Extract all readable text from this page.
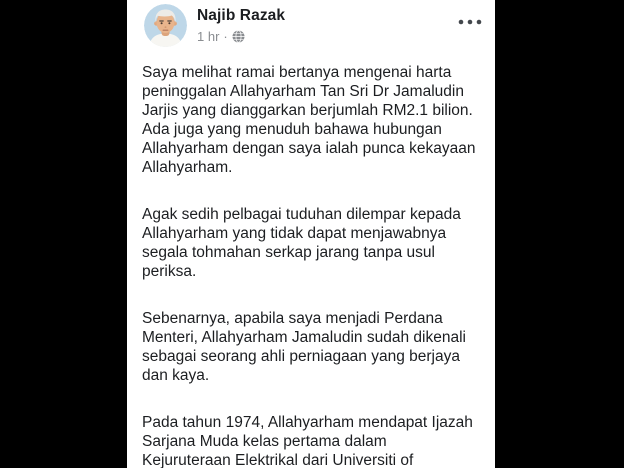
Najib Razak
1 hr ·

Saya melihat ramai bertanya mengenai harta peninggalan Allahyarham Tan Sri Dr Jamaludin Jarjis yang dianggarkan berjumlah RM2.1 bilion. Ada juga yang menuduh bahawa hubungan Allahyarham dengan saya ialah punca kekayaan Allahyarham.

Agak sedih pelbagai tuduhan dilempar kepada Allahyarham yang tidak dapat menjawabnya segala tohmahan serkap jarang tanpa usul periksa.

Sebenarnya, apabila saya menjadi Perdana Menteri, Allahyarham Jamaludin sudah dikenali sebagai seorang ahli perniagaan yang berjaya dan kaya.

Pada tahun 1974, Allahyarham mendapat Ijazah Sarjana Muda kelas pertama dalam Kejuruteraan Elektrikal dari Universiti of
